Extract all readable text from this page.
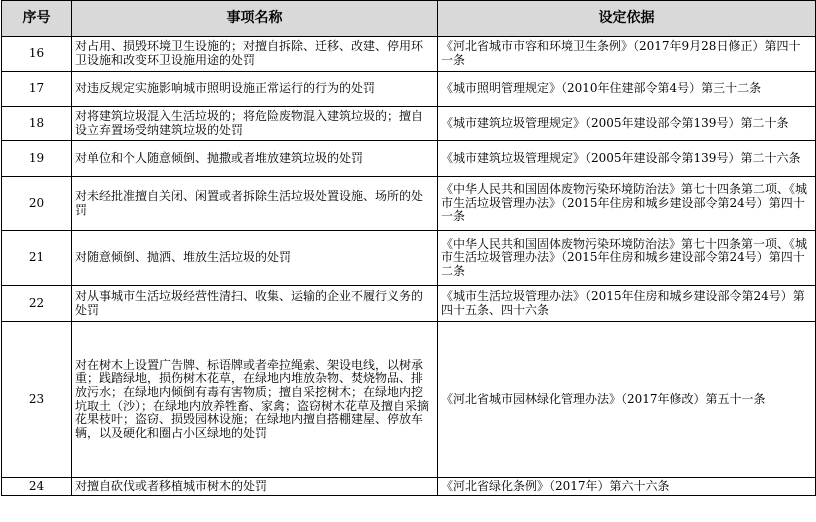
序号	事项名称	设定依据
16	对占用、损毁环境卫生设施的；对擅自拆除、迁移、改建、停用环卫设施和改变环卫设施用途的处罚	《河北省城市市容和环境卫生条例》（2017年9月28日修正）第四十一条
17	对违反规定实施影响城市照明设施正常运行的行为的处罚	《城市照明管理规定》（2010年住建部令第4号）第三十二条
18	对将建筑垃圾混入生活垃圾的；将危险废物混入建筑垃圾的；擅自设立弃置场受纳建筑垃圾的处罚	《城市建筑垃圾管理规定》（2005年建设部令第139号）第二十条
19	对单位和个人随意倾倒、抛撒或者堆放建筑垃圾的处罚	《城市建筑垃圾管理规定》（2005年建设部令第139号）第二十六条
20	对未经批准擅自关闭、闲置或者拆除生活垃圾处置设施、场所的处罚	《中华人民共和国固体废物污染环境防治法》第七十四条第二项、《城市生活垃圾管理办法》（2015年住房和城乡建设部令第24号）第四十一条
21	对随意倾倒、抛洒、堆放生活垃圾的处罚	《中华人民共和国固体废物污染环境防治法》第七十四条第一项、《城市生活垃圾管理办法》（2015年住房和城乡建设部令第24号）第四十二条
22	对从事城市生活垃圾经营性清扫、收集、运输的企业不履行义务的处罚	《城市生活垃圾管理办法》（2015年住房和城乡建设部令第24号）第四十五条、四十六条
23	对在树木上设置广告牌、标语牌或者牵拉绳索、架设电线，以树承重；践踏绿地，损伤树木花草，在绿地内堆放杂物、焚烧物品、排放污水；在绿地内倾倒有毒有害物质；擅自采挖树木；在绿地内挖坑取土（沙）；在绿地内放养牲畜、家禽；盗窃树木花草及擅自采摘花果枝叶；盗窃、损毁园林设施；在绿地内擅自搭棚建屋、停放车辆，以及硬化和圈占小区绿地的处罚	《河北省城市园林绿化管理办法》（2017年修改）第五十一条
24	对擅自砍伐或者移植城市树木的处罚	《河北省绿化条例》（2017年）第六十六条
